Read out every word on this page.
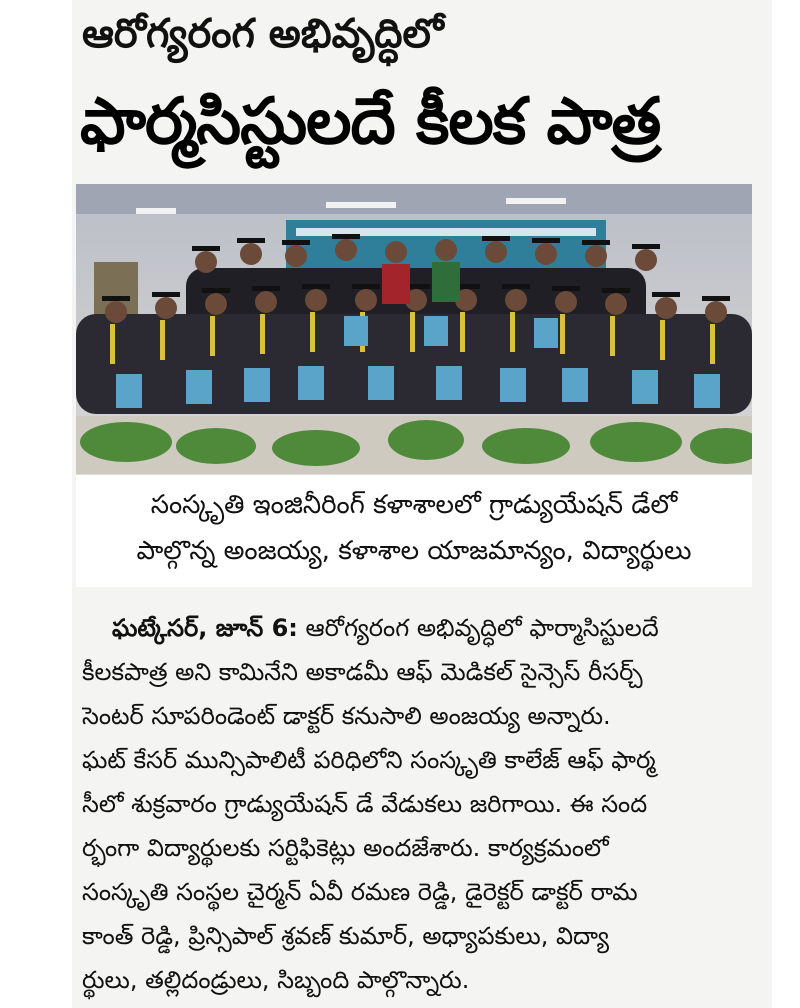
ఆరోగ్యరంగ అభివృద్ధిలో
ఫార్మసిస్టులదే కీలక పాత్ర
సంస్కృతి ఇంజినీరింగ్ కళాశాలలో గ్రాడ్యుయేషన్ డేలో
పాల్గొన్న అంజయ్య, కళాశాల యాజమాన్యం, విద్యార్థులు
ఘట్కేసర్, జూన్ 6: ఆరోగ్యరంగ అభివృద్ధిలో ఫార్మాసిస్టులదే
కీలకపాత్ర అని కామినేని అకాడమీ ఆఫ్ మెడికల్ సైన్సెస్ రీసర్చ్
సెంటర్ సూపరిండెంట్ డాక్టర్ కనుసాలి అంజయ్య అన్నారు.
ఘట్ కేసర్ మున్సిపాలిటీ పరిధిలోని సంస్కృతి కాలేజ్ ఆఫ్ ఫార్మ
సీలో శుక్రవారం గ్రాడ్యుయేషన్ డే వేడుకలు జరిగాయి. ఈ సంద
ర్భంగా విద్యార్థులకు సర్టిఫికెట్లు అందజేశారు. కార్యక్రమంలో
సంస్కృతి సంస్థల చైర్మన్ ఏవీ రమణ రెడ్డి, డైరెక్టర్ డాక్టర్ రామ
కాంత్ రెడ్డి, ప్రిన్సిపాల్ శ్రవణ్ కుమార్, అధ్యాపకులు, విద్యా
ర్థులు, తల్లిదండ్రులు, సిబ్బంది పాల్గొన్నారు.
